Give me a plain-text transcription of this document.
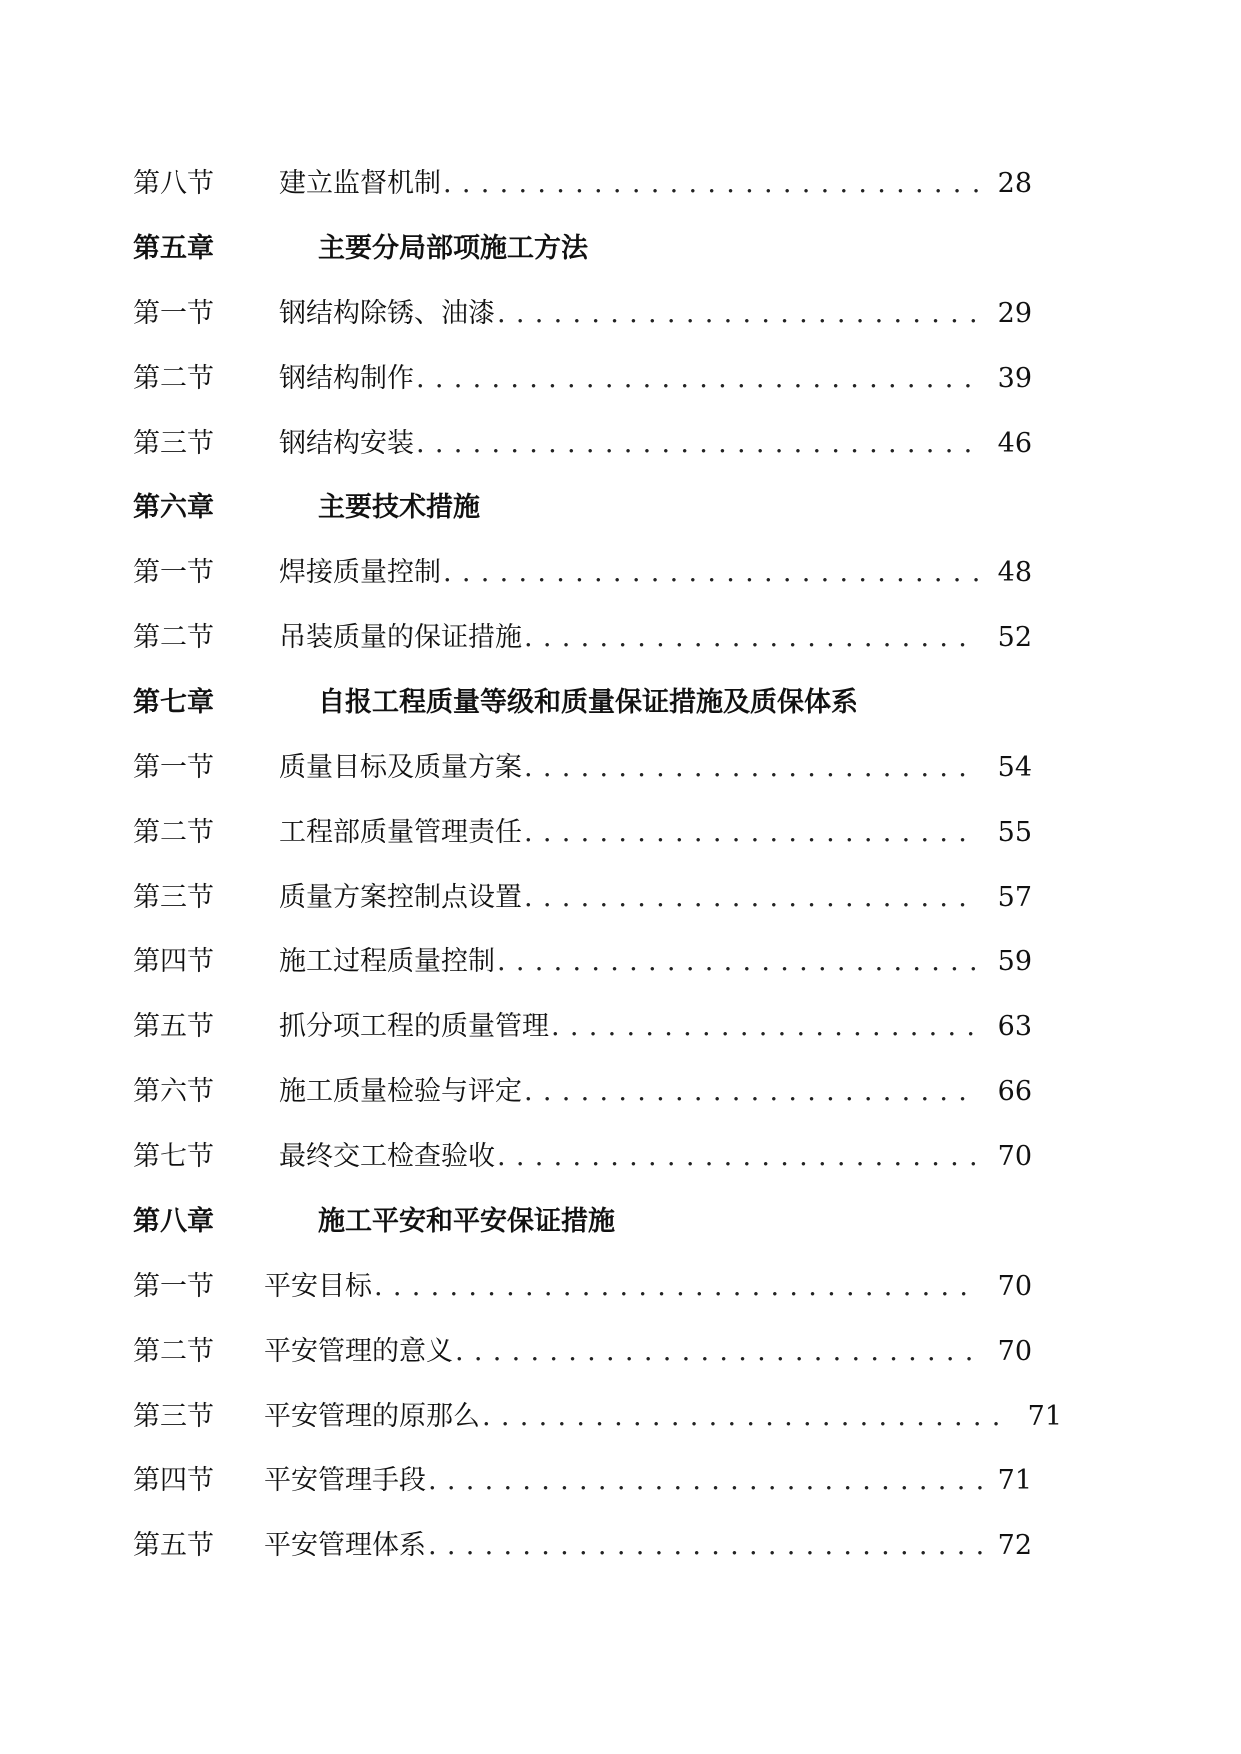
第八节 建立监督机制 ............................. 28
第五章	主要分局部项施工方法
第一节 钢结构除锈、油漆 .......................... 29
第二节 钢结构制作 .............................. 39
第三节 钢结构安装 .............................. 46
第六章	主要技术措施
第一节 焊接质量控制 ............................. 48
第二节 吊装质量的保证措施 ........................ 52
第七章	自报工程质量等级和质量保证措施及质保体系
第一节 质量目标及质量方案 ........................ 54
第二节 工程部质量管理责任 ........................ 55
第三节 质量方案控制点设置 ........................ 57
第四节 施工过程质量控制 .......................... 59
第五节 抓分项工程的质量管理 ....................... 63
第六节 施工质量检验与评定 ........................ 66
第七节 最终交工检查验收 .......................... 70
第八章	施工平安和平安保证措施
第一节 平安目标 ................................ 70
第二节 平安管理的意义 ............................ 70
第三节 平安管理的原那么 ............................ 71
第四节 平安管理手段 .............................. 71
第五节 平安管理体系 .............................. 72
